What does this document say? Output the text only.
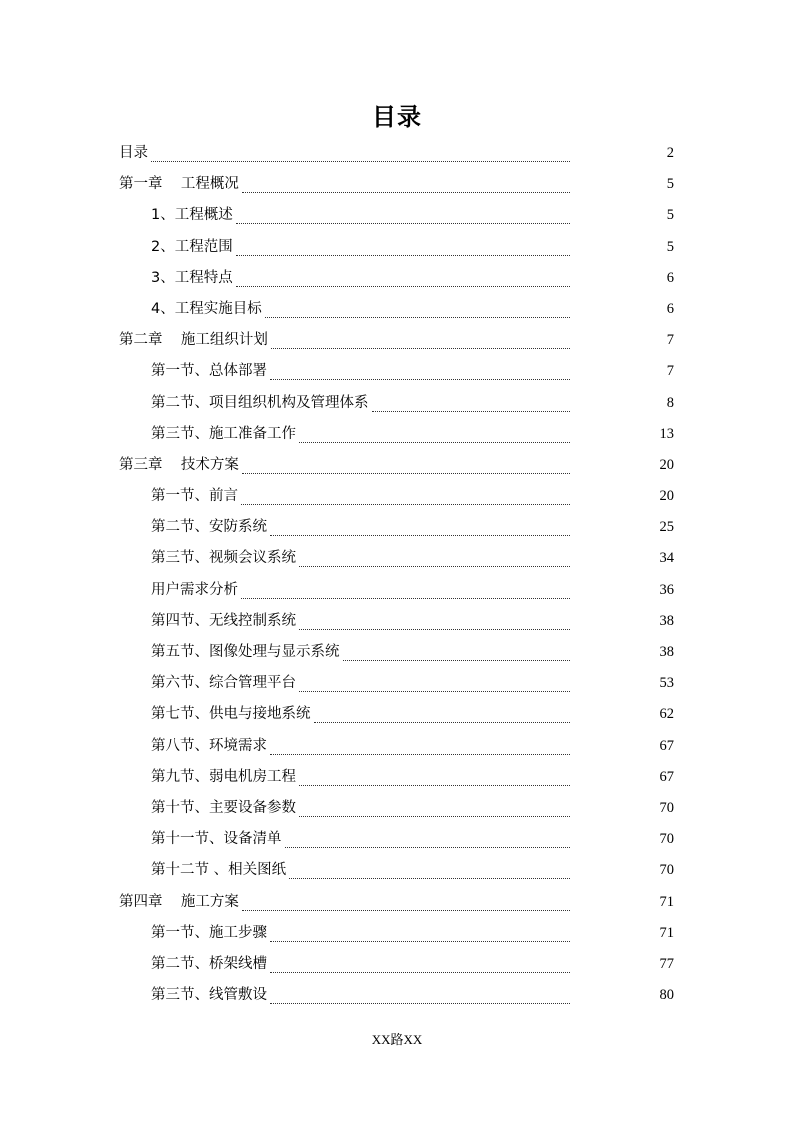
目录
目录	2
第一章    工程概况	5
1、工程概述	5
2、工程范围	5
3、工程特点	6
4、工程实施目标	6
第二章    施工组织计划	7
第一节、总体部署	7
第二节、项目组织机构及管理体系	8
第三节、施工准备工作	13
第三章    技术方案	20
第一节、前言	20
第二节、安防系统	25
第三节、视频会议系统	34
用户需求分析	36
第四节、无线控制系统	38
第五节、图像处理与显示系统	38
第六节、综合管理平台	53
第七节、供电与接地系统	62
第八节、环境需求	67
第九节、弱电机房工程	67
第十节、主要设备参数	70
第十一节、设备清单	70
第十二节 、相关图纸	70
第四章    施工方案	71
第一节、施工步骤	71
第二节、桥架线槽	77
第三节、线管敷设	80
XX路XX
